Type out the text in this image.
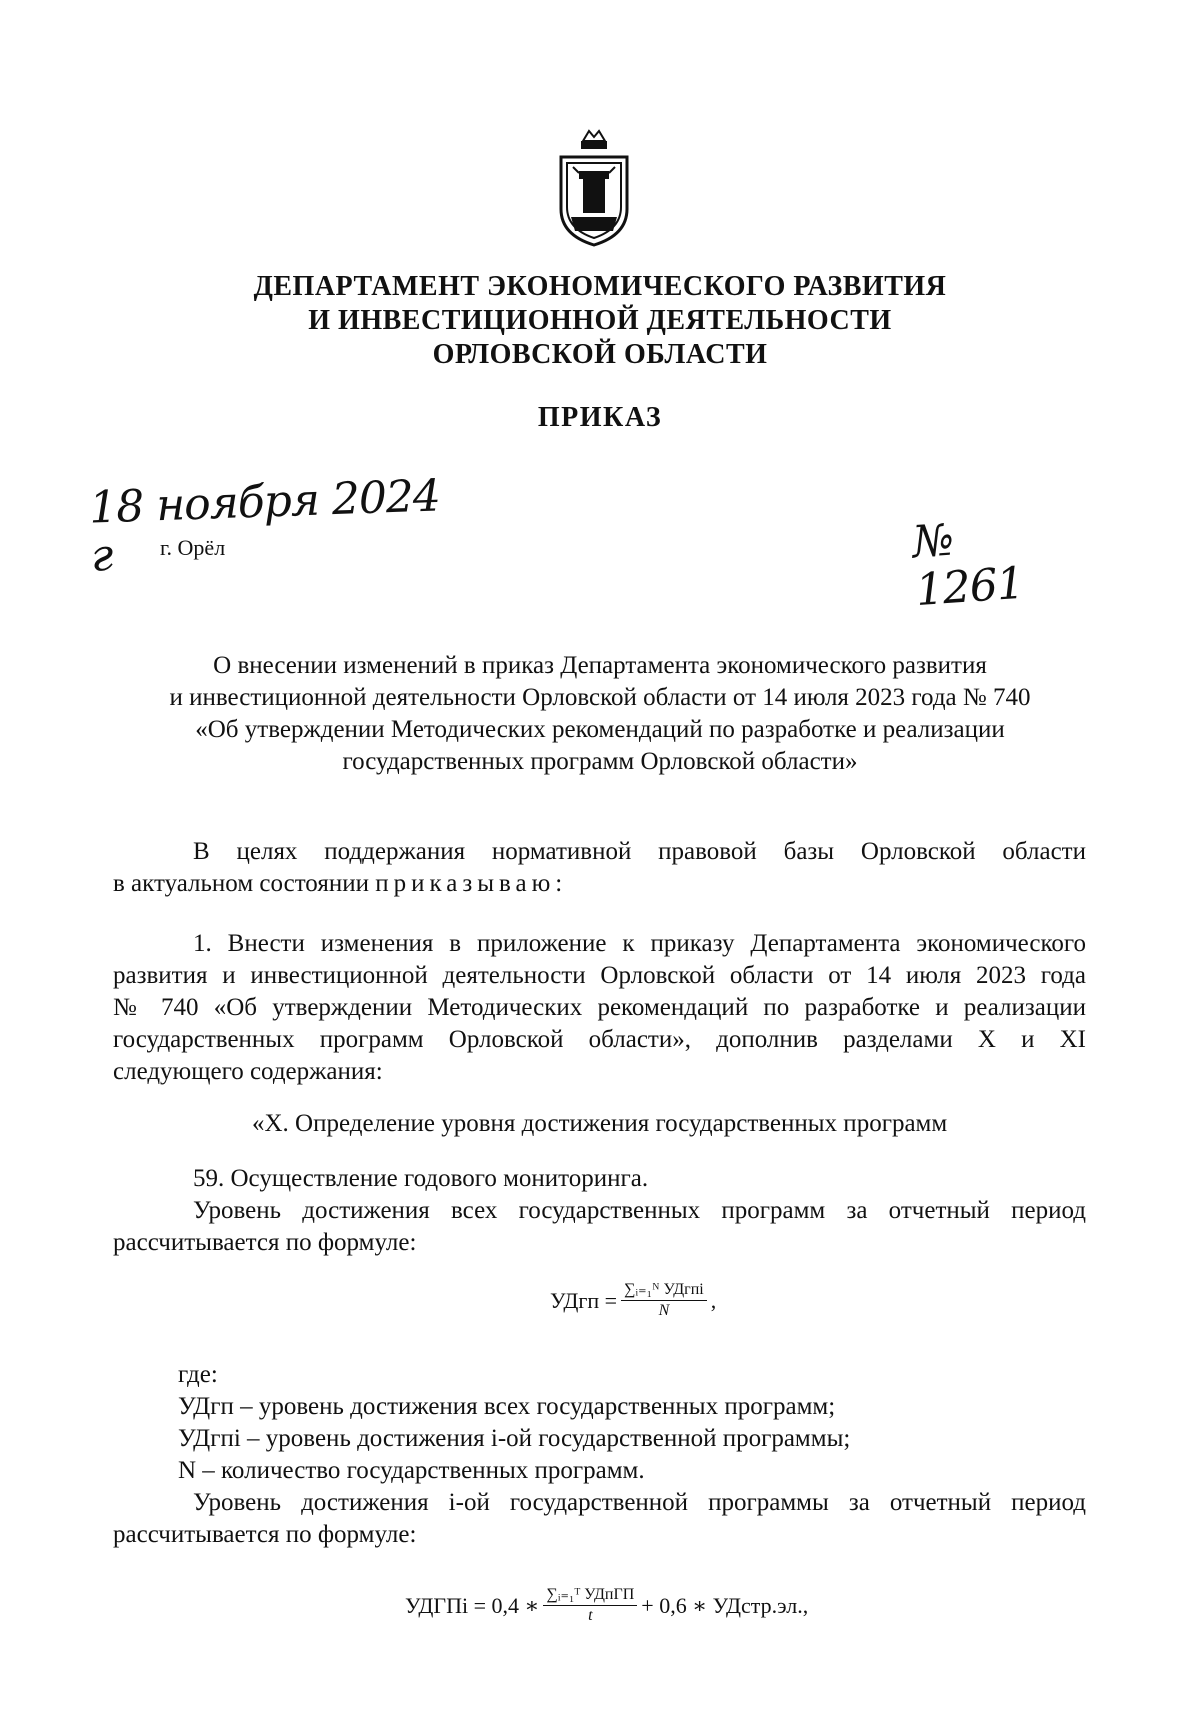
ДЕПАРТАМЕНТ ЭКОНОМИЧЕСКОГО РАЗВИТИЯ
И ИНВЕСТИЦИОННОЙ ДЕЯТЕЛЬНОСТИ
ОРЛОВСКОЙ ОБЛАСТИ
ПРИКАЗ
18 ноября 2024 г	г. Орёл	№ 1261
О внесении изменений в приказ Департамента экономического развития
и инвестиционной деятельности Орловской области от 14 июля 2023 года № 740
«Об утверждении Методических рекомендаций по разработке и реализации
государственных программ Орловской области»
В целях поддержания нормативной правовой базы Орловской области
в актуальном состоянии приказываю:
1. Внести изменения в приложение к приказу Департамента экономического
развития и инвестиционной деятельности Орловской области от 14 июля 2023 года
№ 740 «Об утверждении Методических рекомендаций по разработке и реализации
государственных программ Орловской области», дополнив разделами X и XI
следующего содержания:
«X. Определение уровня достижения государственных программ
59. Осуществление годового мониторинга.
Уровень достижения всех государственных программ за отчетный период
рассчитывается по формуле:
УДгп = $\frac{\text{∑ᵢ₌₁ᴺ УДгпi}}{N}$ ,
где:
УДгп – уровень достижения всех государственных программ;
УДгпi – уровень достижения i-ой государственной программы;
N – количество государственных программ.
Уровень достижения i-ой государственной программы за отчетный период
рассчитывается по формуле:
УДГПi = 0,4 ∗ $\frac{\text{∑ᵢ₌₁ᵀ УДпГП}}{t} + 0,6$ ∗ УДстр.эл.,
